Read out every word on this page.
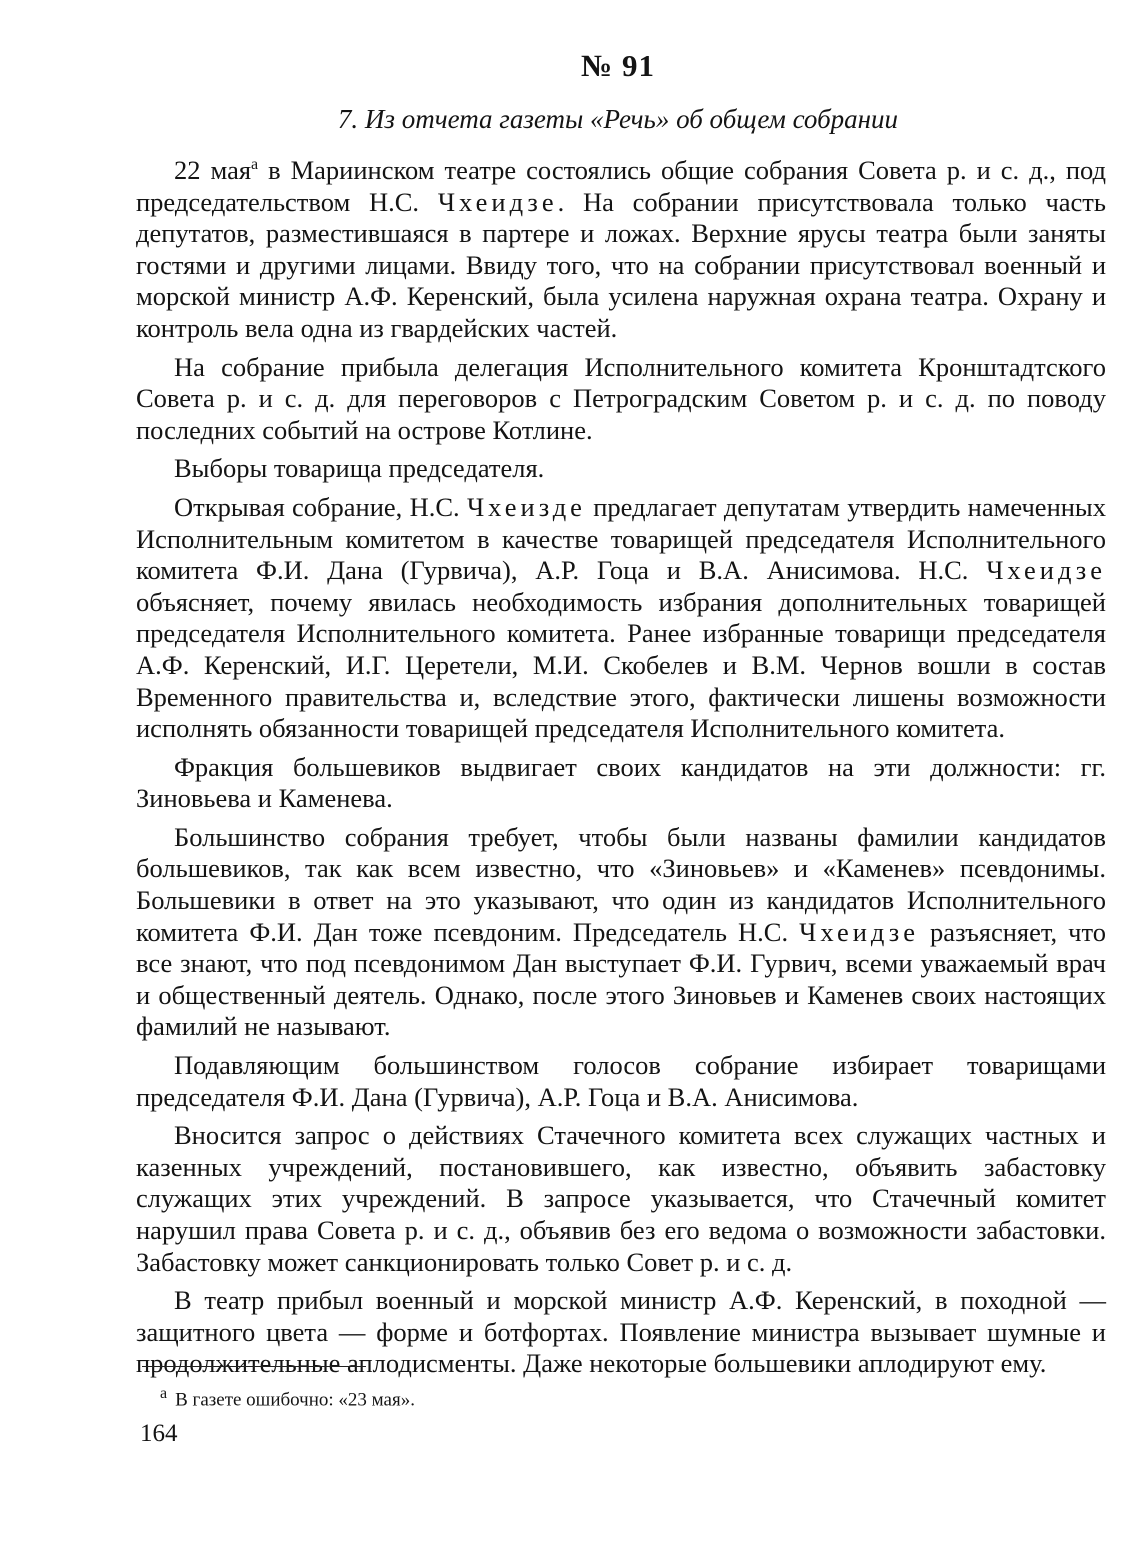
№ 91
7. Из отчета газеты «Речь» об общем собрании

22 мая$^а$ в Мариинском театре состоялись общие собрания Совета р. и с. д., под председательством Н.С. Чхеидзе. На собрании присутствовала только часть депутатов, разместившаяся в партере и ложах. Верхние ярусы театра были заняты гостями и другими лицами. Ввиду того, что на собрании присутствовал военный и морской министр А.Ф. Керенский, была усилена наружная охрана театра. Охрану и контроль вела одна из гвардейских частей.

На собрание прибыла делегация Исполнительного комитета Кронштадтского Совета р. и с. д. для переговоров с Петроградским Советом р. и с. д. по поводу последних событий на острове Котлине.

Выборы товарища председателя.

Открывая собрание, Н.С. Чхеизде предлагает депутатам утвердить намеченных Исполнительным комитетом в качестве товарищей председателя Исполнительного комитета Ф.И. Дана (Гурвича), А.Р. Гоца и В.А. Анисимова. Н.С. Чхеидзе объясняет, почему явилась необходимость избрания дополнительных товарищей председателя Исполнительного комитета. Ранее избранные товарищи председателя А.Ф. Керенский, И.Г. Церетели, М.И. Скобелев и В.М. Чернов вошли в состав Временного правительства и, вследствие этого, фактически лишены возможности исполнять обязанности товарищей председателя Исполнительного комитета.

Фракция большевиков выдвигает своих кандидатов на эти должности: гг. Зиновьева и Каменева.

Большинство собрания требует, чтобы были названы фамилии кандидатов большевиков, так как всем известно, что «Зиновьев» и «Каменев» псевдонимы. Большевики в ответ на это указывают, что один из кандидатов Исполнительного комитета Ф.И. Дан тоже псевдоним. Председатель Н.С. Чхеидзе разъясняет, что все знают, что под псевдонимом Дан выступает Ф.И. Гурвич, всеми уважаемый врач и общественный деятель. Однако, после этого Зиновьев и Каменев своих настоящих фамилий не называют.

Подавляющим большинством голосов собрание избирает товарищами председателя Ф.И. Дана (Гурвича), А.Р. Гоца и В.А. Анисимова.

Вносится запрос о действиях Стачечного комитета всех служащих частных и казенных учреждений, постановившего, как известно, объявить забастовку служащих этих учреждений. В запросе указывается, что Стачечный комитет нарушил права Совета р. и с. д., объявив без его ведома о возможности забастовки. Забастовку может санкционировать только Совет р. и с. д.

В театр прибыл военный и морской министр А.Ф. Керенский, в походной — защитного цвета — форме и ботфортах. Появление министра вызывает шумные и продолжительные аплодисменты. Даже некоторые большевики аплодируют ему.

$^а$ В газете ошибочно: «23 мая».
164
